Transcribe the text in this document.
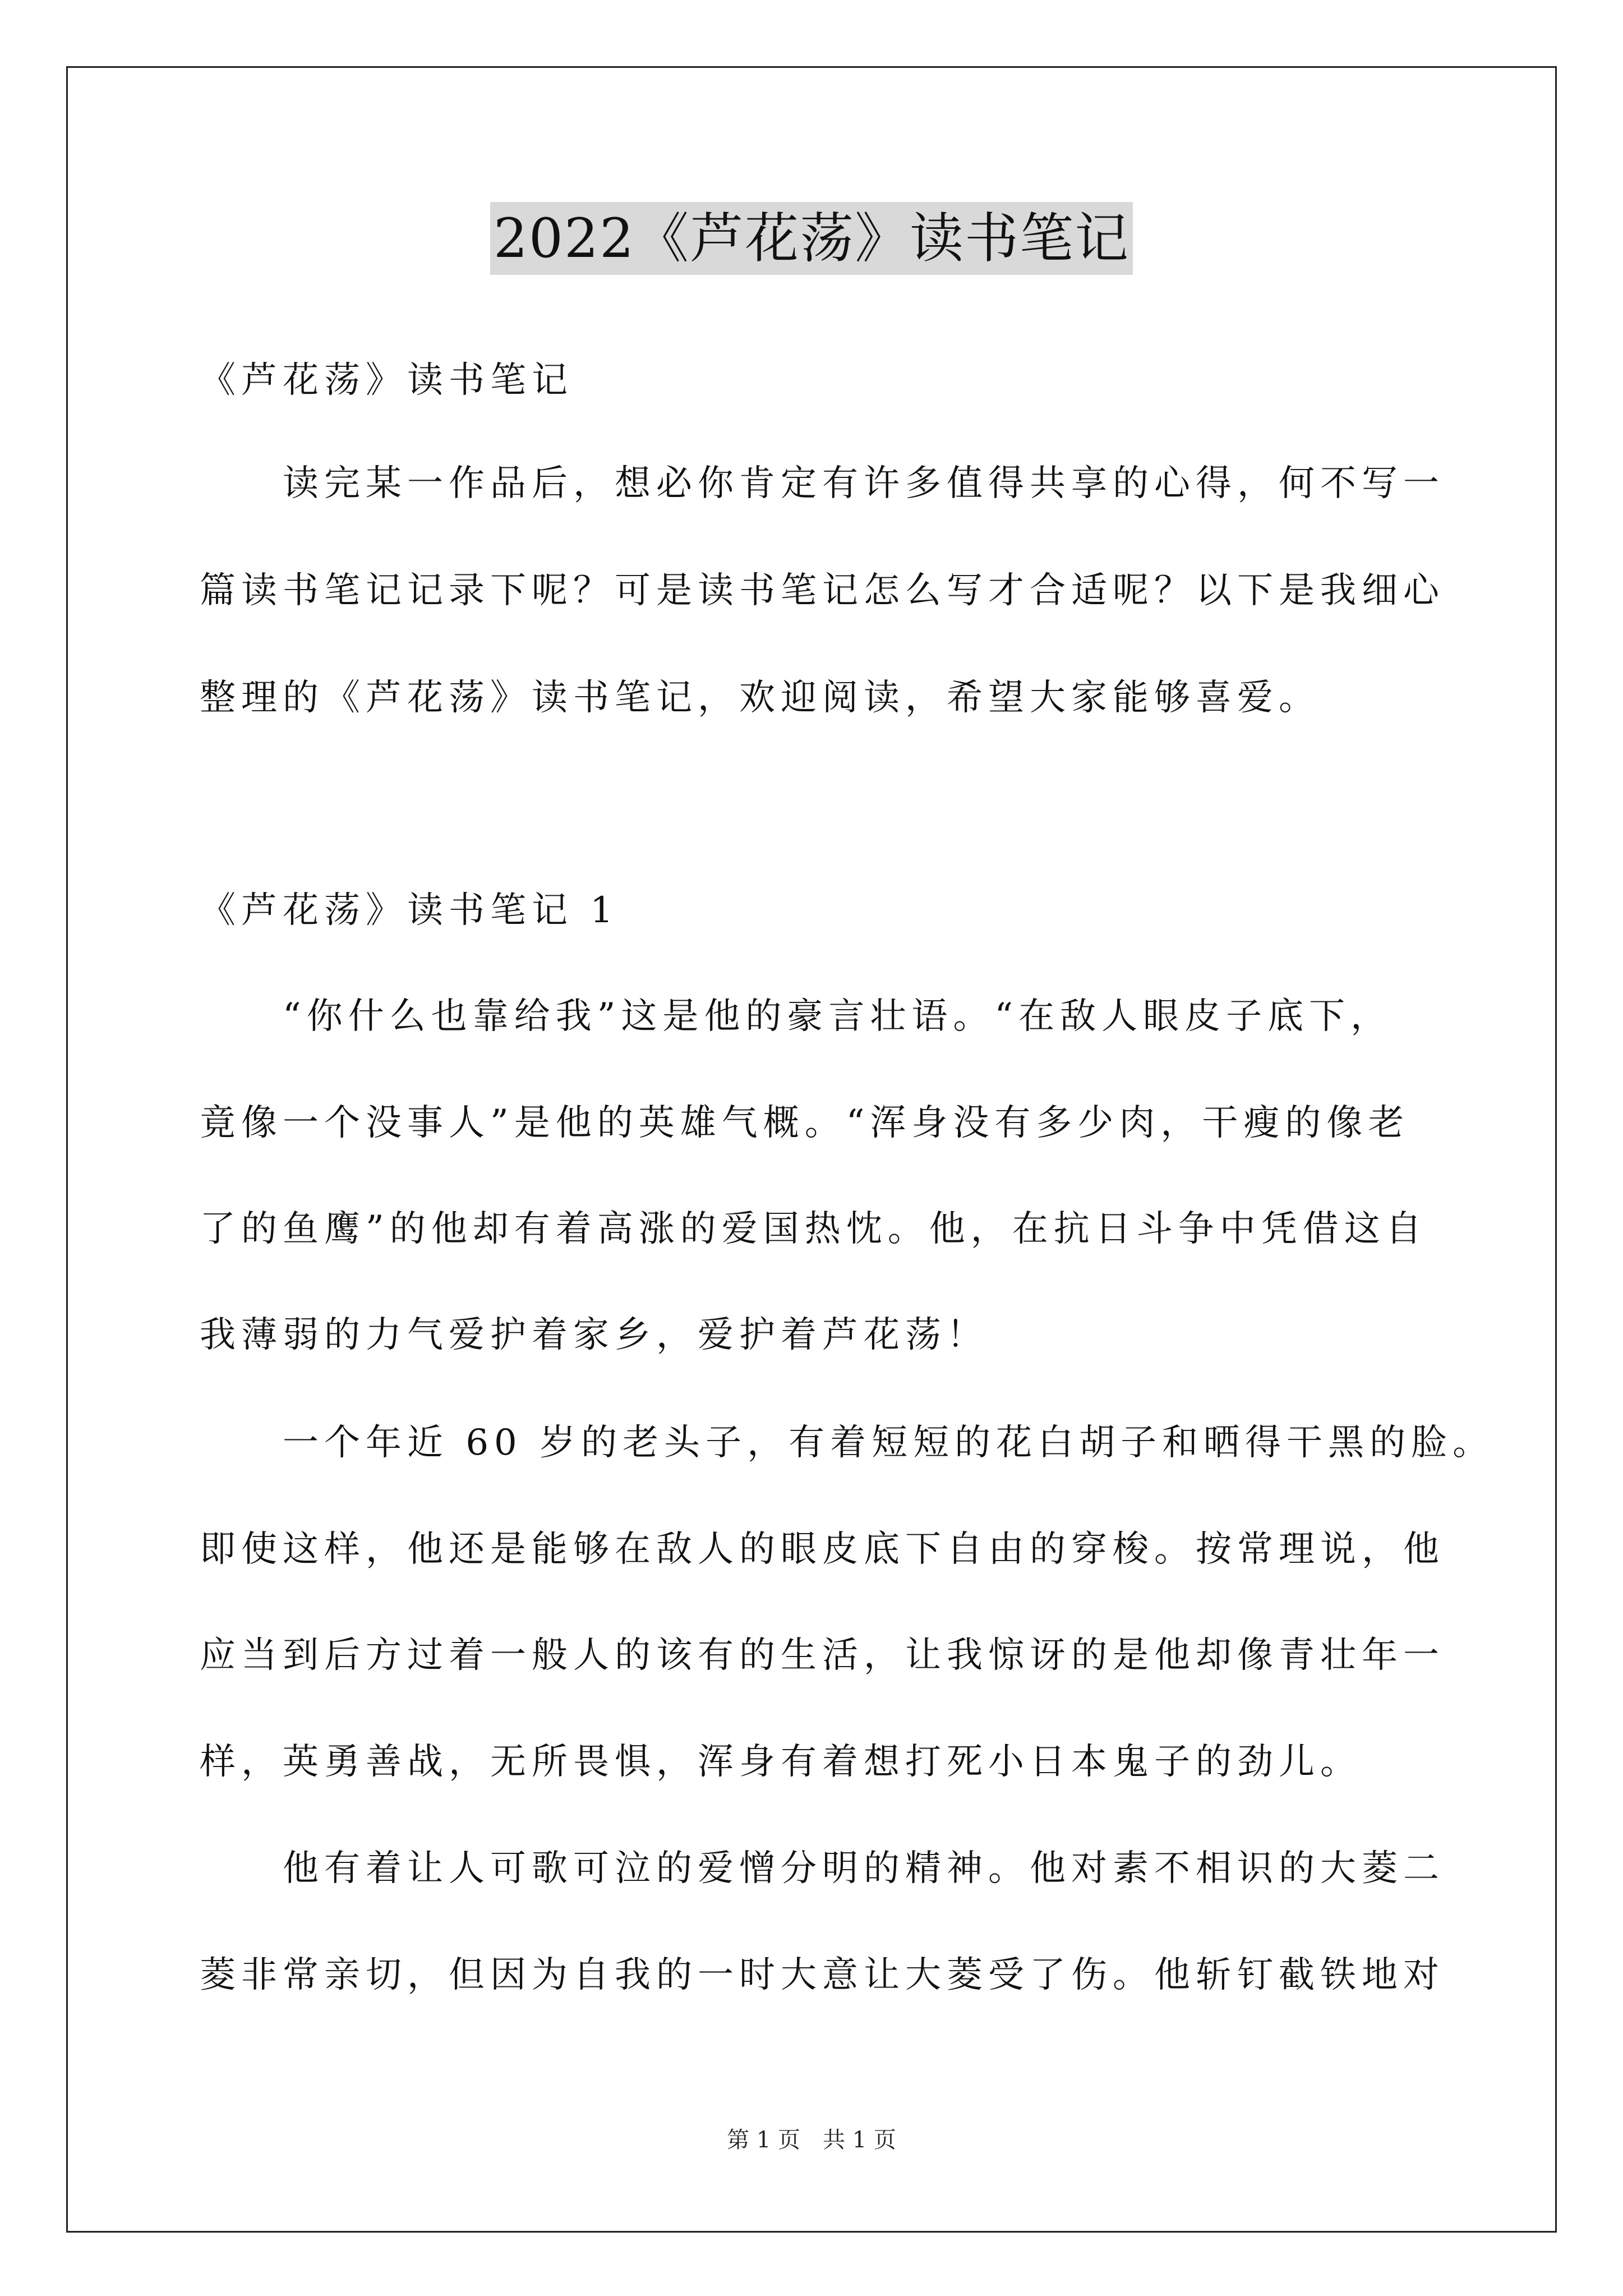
2022《芦花荡》读书笔记
《芦花荡》读书笔记
　　读完某一作品后，想必你肯定有许多值得共享的心得，何不写一
篇读书笔记记录下呢？可是读书笔记怎么写才合适呢？以下是我细心
整理的《芦花荡》读书笔记，欢迎阅读，希望大家能够喜爱。
《芦花荡》读书笔记 1
　　“你什么也靠给我”这是他的豪言壮语。“在敌人眼皮子底下，
竟像一个没事人”是他的英雄气概。“浑身没有多少肉，干瘦的像老
了的鱼鹰”的他却有着高涨的爱国热忱。他，在抗日斗争中凭借这自
我薄弱的力气爱护着家乡，爱护着芦花荡！
　　一个年近 60 岁的老头子，有着短短的花白胡子和晒得干黑的脸。
即使这样，他还是能够在敌人的眼皮底下自由的穿梭。按常理说，他
应当到后方过着一般人的该有的生活，让我惊讶的是他却像青壮年一
样，英勇善战，无所畏惧，浑身有着想打死小日本鬼子的劲儿。
　　他有着让人可歌可泣的爱憎分明的精神。他对素不相识的大菱二
菱非常亲切，但因为自我的一时大意让大菱受了伤。他斩钉截铁地对
第 1 页　共 1 页
